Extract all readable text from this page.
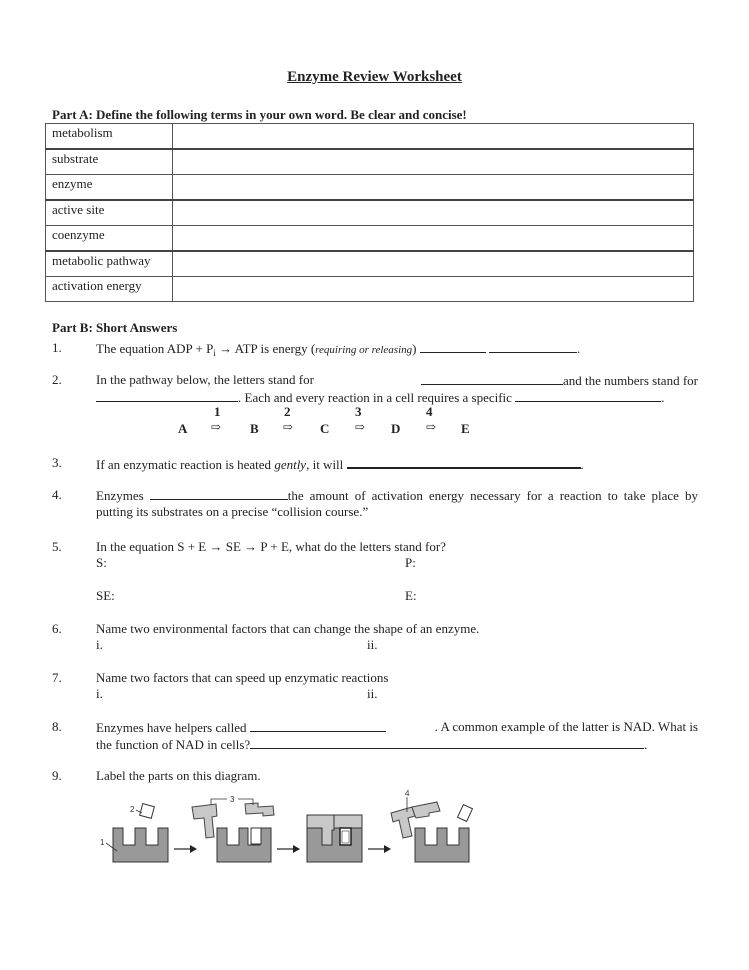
Enzyme Review Worksheet
Part A: Define the following terms in your own word. Be clear and concise!
metabolism	
substrate	
enzyme	
active site	
coenzyme	
metabolic pathway	
activation energy	
Part B: Short Answers
1.	The equation ADP + $P_i$ → ATP is energy (requiring or releasing)	.
2.	In the pathway below, the letters stand for	and the numbers stand for
. Each and every reaction in a cell requires a specific	.
1	2	3	4
A ⇨ B ⇨ C ⇨ D ⇨ E
3.	If an enzymatic reaction is heated gently, it will	.
4.	Enzymes	the amount of activation energy necessary for a reaction to take place by putting its substrates on a precise “collision course.”
5.	In the equation S + E → SE → P + E, what do the letters stand for?
S:	P:
SE:	E:
6.	Name two environmental factors that can change the shape of an enzyme.
i.	ii.
7.	Name two factors that can speed up enzymatic reactions
i.	ii.
8.	Enzymes have helpers called	. A common example of the latter is NAD. What is
the function of NAD in cells?	.
9.	Label the parts on this diagram.
2
1
3
4
